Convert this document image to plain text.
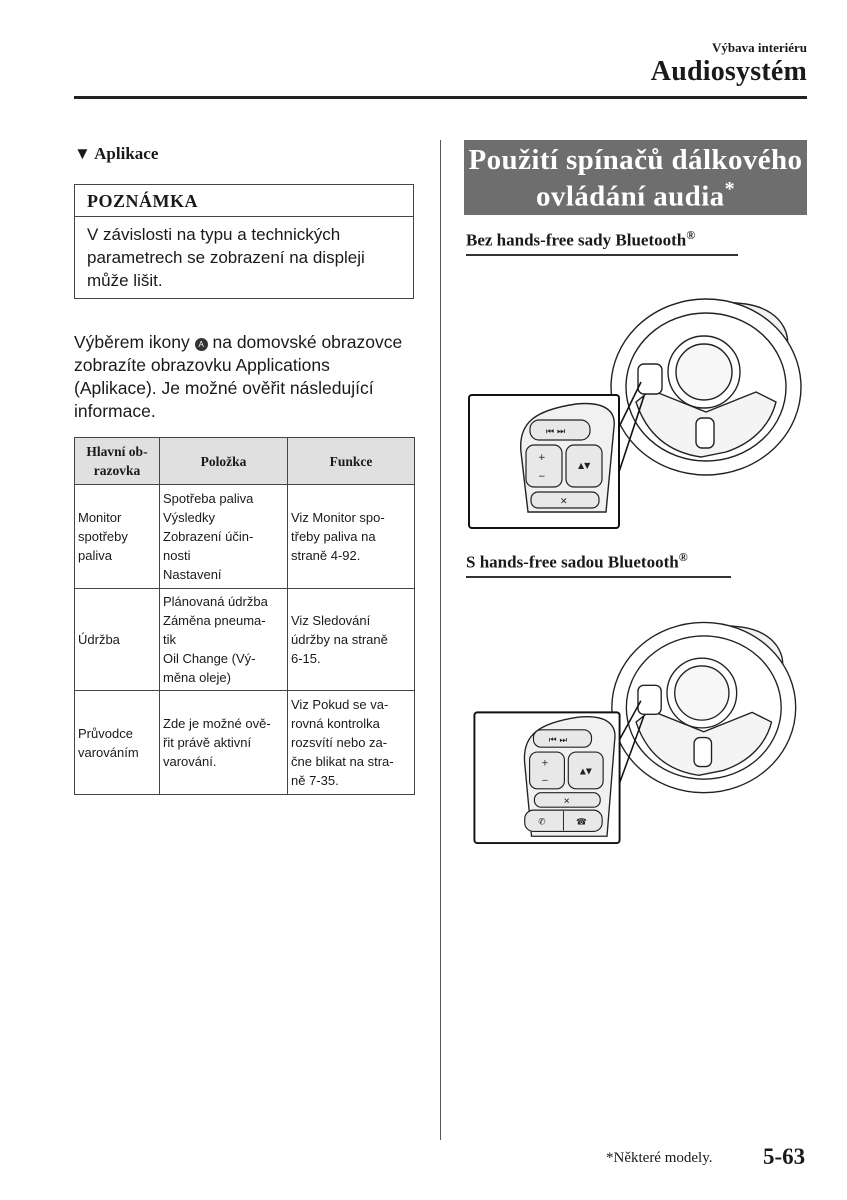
Výbava interiéru
Audiosystém
▼ Aplikace
POZNÁMKA
V závislosti na typu a technických
parametrech se zobrazení na displeji
může lišit.
Výběrem ikony A na domovské obrazovce
zobrazíte obrazovku Applications
(Aplikace). Je možné ověřit následující
informace.
Hlavní ob-razovka	Položka	Funkce

Monitor
spotřeby
paliva	Spotřeba paliva
Výsledky
Zobrazení účin-
nosti
Nastavení	Viz Monitor spo-
třeby paliva na
straně 4-92.

Údržba	Plánovaná údržba
Záměna pneuma-
tik
Oil Change (Vý-
měna oleje)	Viz Sledování
údržby na straně
6-15.

Průvodce
varováním	Zde je možné ově-
řit právě aktivní
varování.	Viz Pokud se va-
rovná kontrolka
rozsvítí nebo za-
čne blikat na stra-
ně 7-35.
Použití spínačů dálkového
ovládání audia*
Bez hands-free sady Bluetooth®
⏮ ⏭
+
−
▲▼
✕
S hands-free sadou Bluetooth®
⏮ ⏭
+
−
▲▼
✕
✆	☎
*Některé modely. 5-63
